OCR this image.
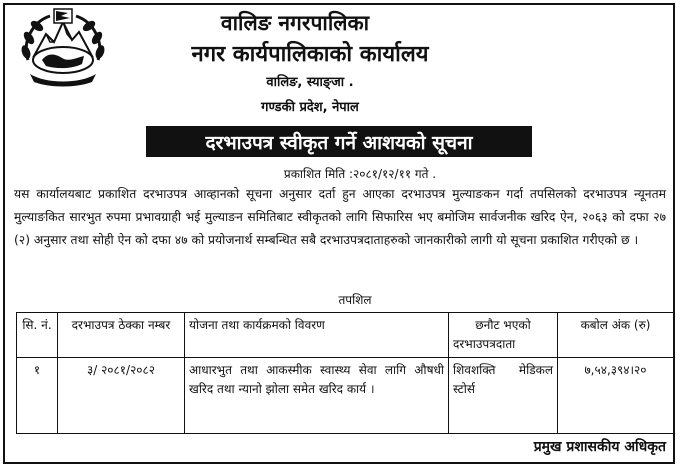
वालिङ नगरपालिका
नगर कार्यपालिकाको कार्यालय
वालिङ, स्याङ्जा .
गण्डकी प्रदेश, नेपाल
दरभाउपत्र स्वीकृत गर्ने आशयको सूचना
प्रकाशित मिति :२०८१/१२/११ गते .
यस कार्यालयबाट प्रकाशित दरभाउपत्र आव्हानको सूचना अनुसार दर्ता हुन आएका दरभाउपत्र मुल्याङकन गर्दा तपसिलको दरभाउपत्र न्यूनतम मुल्याङकित सारभुत रुपमा प्रभावग्राही भई मुल्याङन समितिबाट स्वीकृतको लागि सिफारिस भए बमोजिम सार्वजनीक खरिद ऐन, २०६३ को दफा २७ (२) अनुसार तथा सोही ऐन को दफा ४७ को प्रयोजनार्थ सम्बन्धित सबै दरभाउपत्रदाताहरुको जानकारीको लागी यो सूचना प्रकाशित गरीएको छ ।
तपशिल
सि. नं.	दरभाउपत्र ठेक्का नम्बर	योजना तथा कार्यक्रमको विवरण	छनौट भएको दरभाउपत्रदाता	कबोल अंक (रु)
१	३/ २०८१/२०८२	आधारभुत तथा आकस्मीक स्वास्थ्य सेवा लागि औषधी खरिद तथा न्यानो झोला समेत खरिद कार्य ।	शिवशक्ति मेडिकल स्टोर्स	७,५४,३९४।२०
प्रमुख प्रशासकीय अधिकृत
